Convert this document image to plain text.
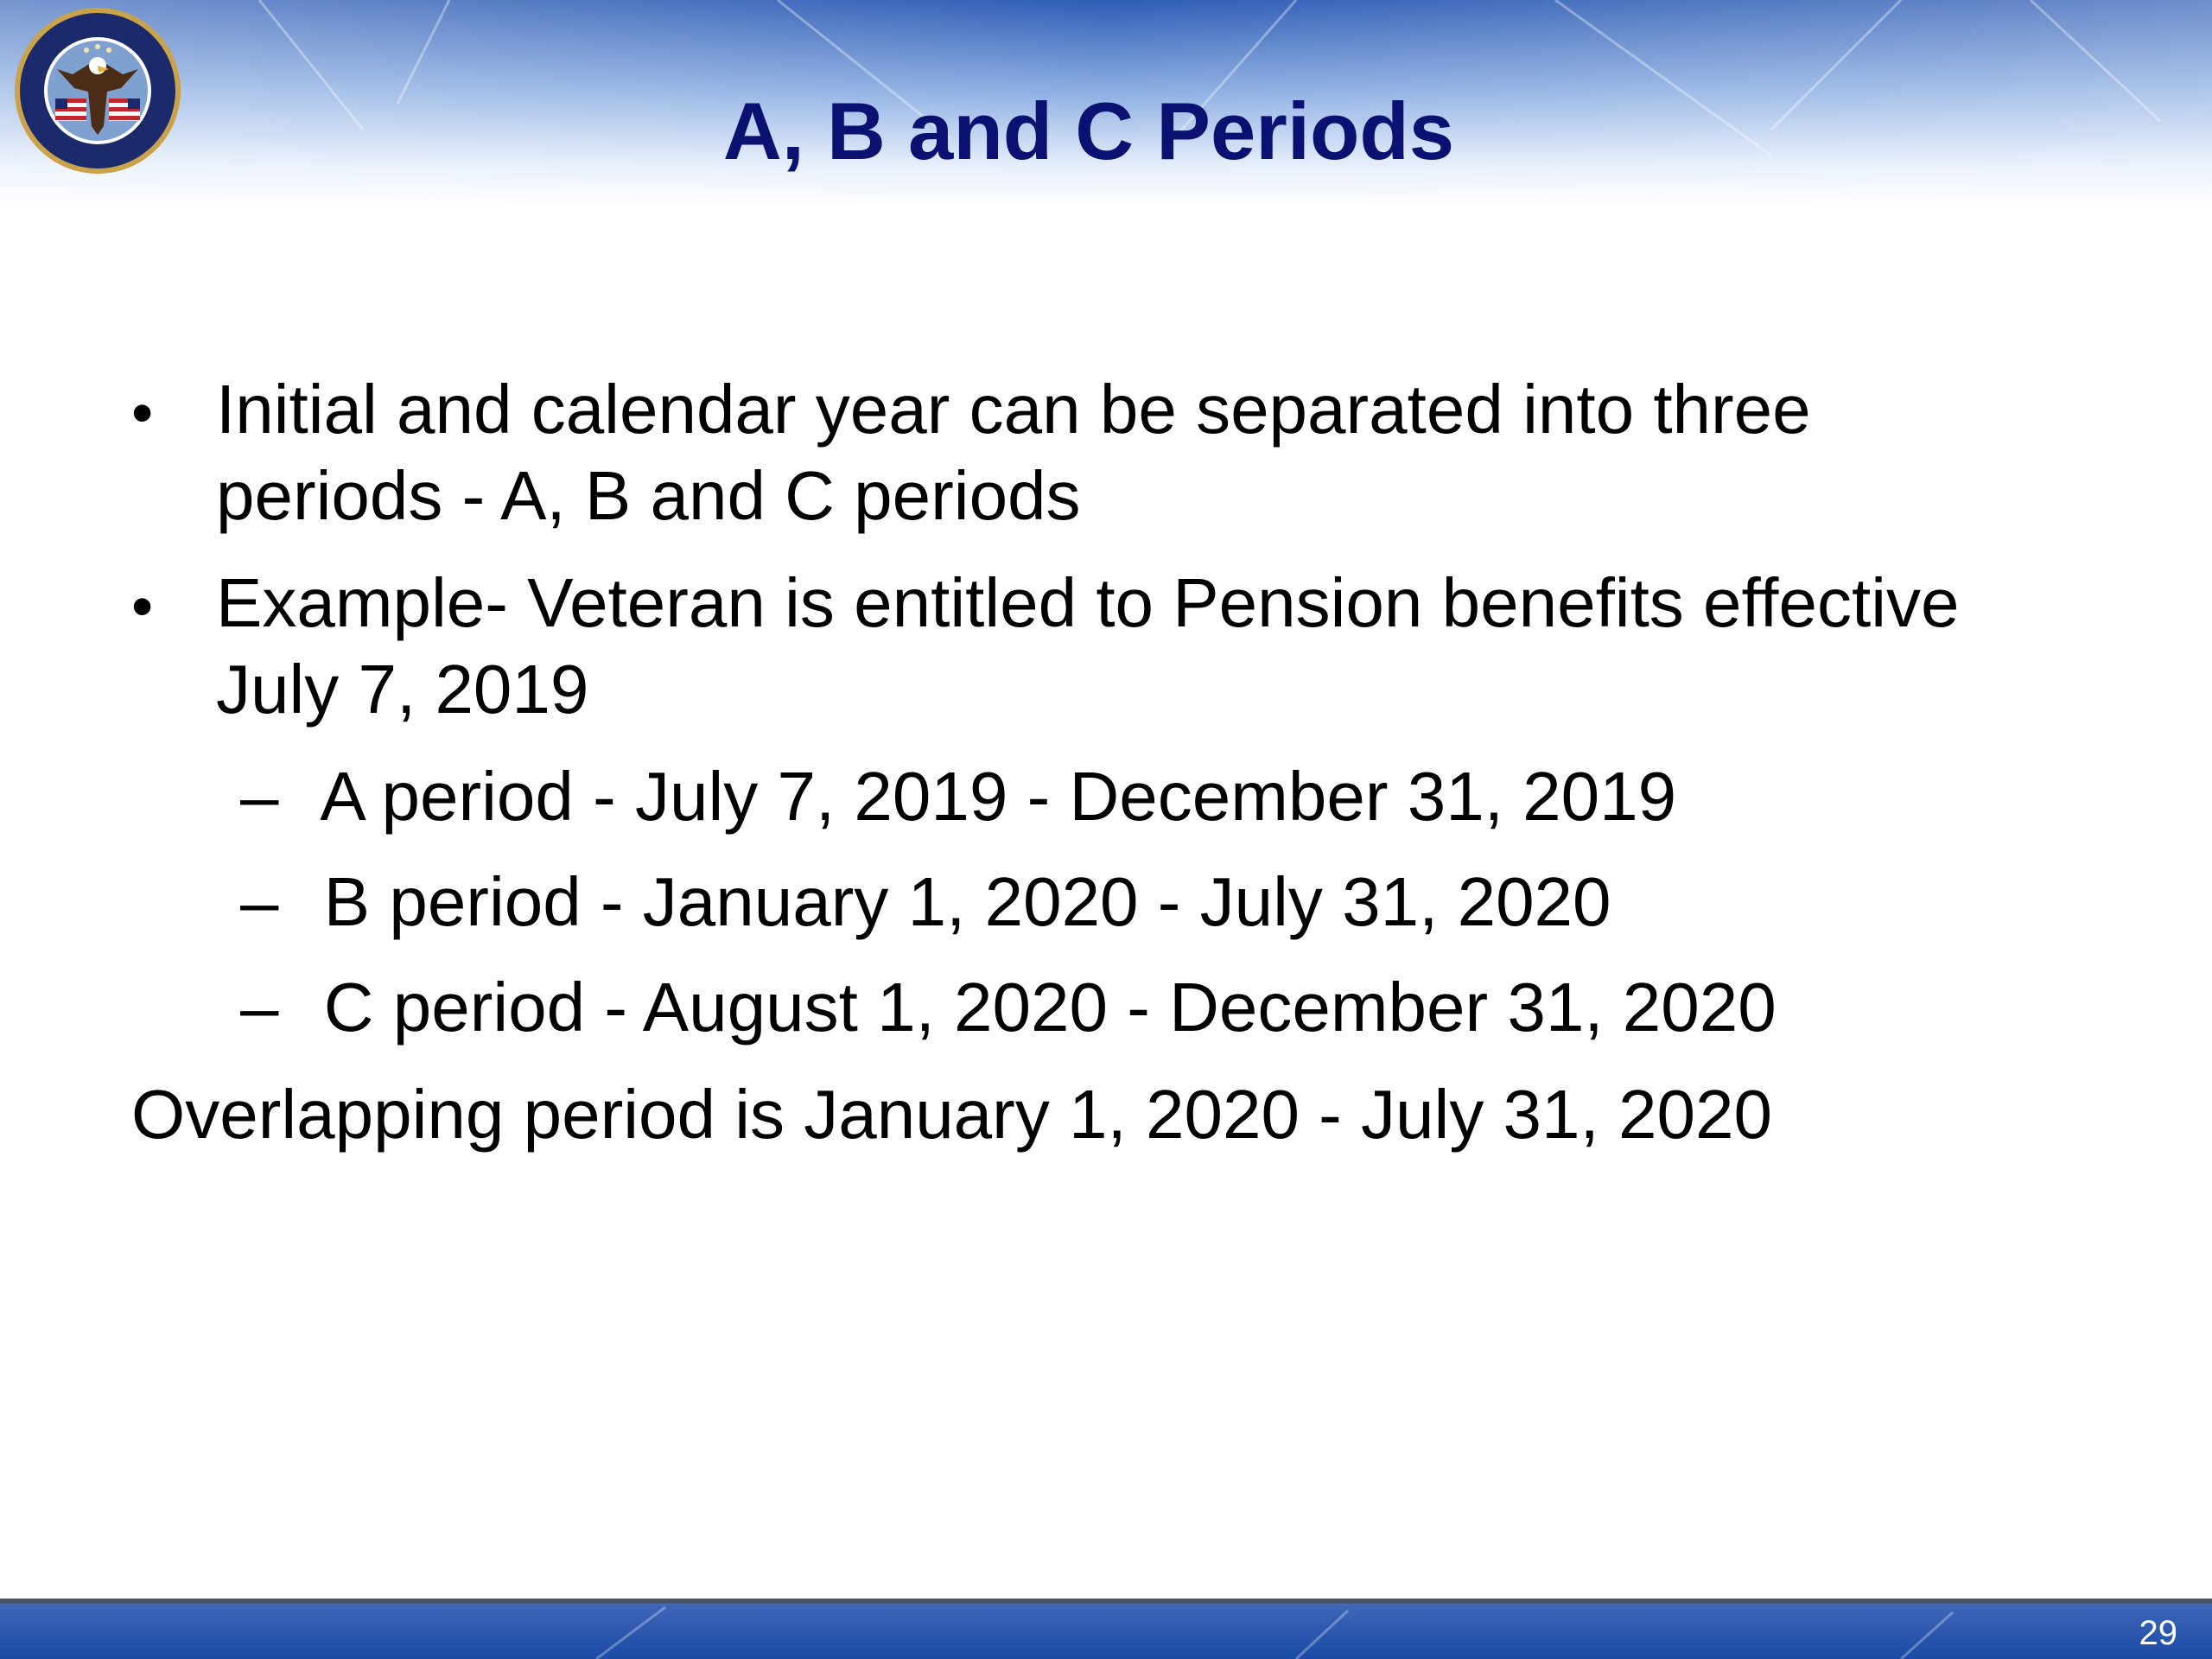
A, B and C Periods
• Initial and calendar year can be separated into three
periods - A, B and C periods
• Example- Veteran is entitled to Pension benefits effective
July 7, 2019
– A period - July 7, 2019 - December 31, 2019
– B period - January 1, 2020 - July 31, 2020
– C period - August 1, 2020 - December 31, 2020
Overlapping period is January 1, 2020 - July 31, 2020
29
